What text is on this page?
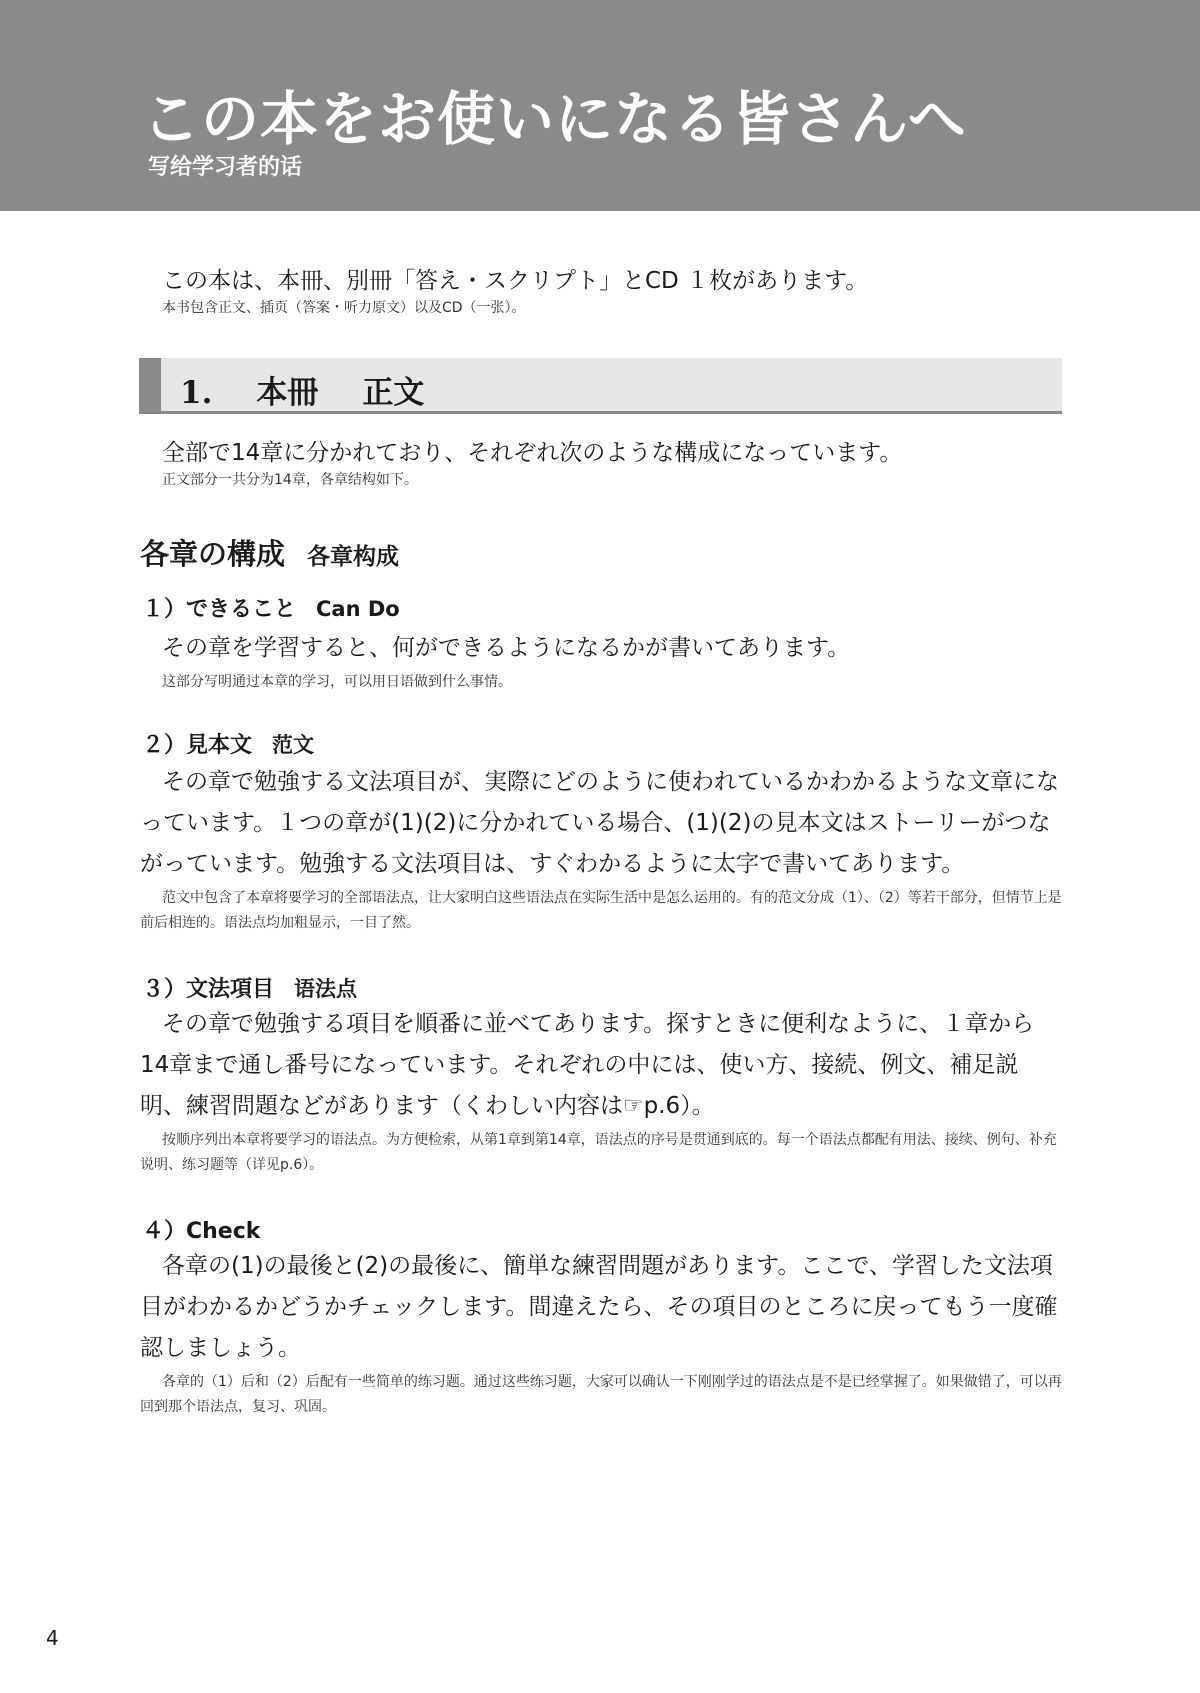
この本をお使いになる皆さんへ
写给学习者的话
この本は、本冊、別冊「答え・スクリプト」とCD １枚があります。
本书包含正文、插页（答案・听力原文）以及CD（一张）。
1. 本冊 正文
全部で14章に分かれており、それぞれ次のような構成になっています。
正文部分一共分为14章，各章结构如下。
各章の構成 各章构成
１）できること Can Do
その章を学習すると、何ができるようになるかが書いてあります。
这部分写明通过本章的学习，可以用日语做到什么事情。
２）見本文 范文
その章で勉強する文法項目が、実際にどのように使われているかわかるような文章になっています。１つの章が(1)(2)に分かれている場合、(1)(2)の見本文はストーリーがつながっています。勉強する文法項目は、すぐわかるように太字で書いてあります。
范文中包含了本章将要学习的全部语法点，让大家明白这些语法点在实际生活中是怎么运用的。有的范文分成（1）、（2）等若干部分，但情节上是前后相连的。语法点均加粗显示，一目了然。
３）文法項目 语法点
その章で勉強する項目を順番に並べてあります。探すときに便利なように、１章から14章まで通し番号になっています。それぞれの中には、使い方、接続、例文、補足説明、練習問題などがあります（くわしい内容は☞p.6）。
按顺序列出本章将要学习的语法点。为方便检索，从第1章到第14章，语法点的序号是贯通到底的。每一个语法点都配有用法、接续、例句、补充说明、练习题等（详见p.6）。
４）Check
各章の(1)の最後と(2)の最後に、簡単な練習問題があります。ここで、学習した文法項目がわかるかどうかチェックします。間違えたら、その項目のところに戻ってもう一度確認しましょう。
各章的（1）后和（2）后配有一些简单的练习题。通过这些练习题，大家可以确认一下刚刚学过的语法点是不是已经掌握了。如果做错了，可以再回到那个语法点，复习、巩固。
4
